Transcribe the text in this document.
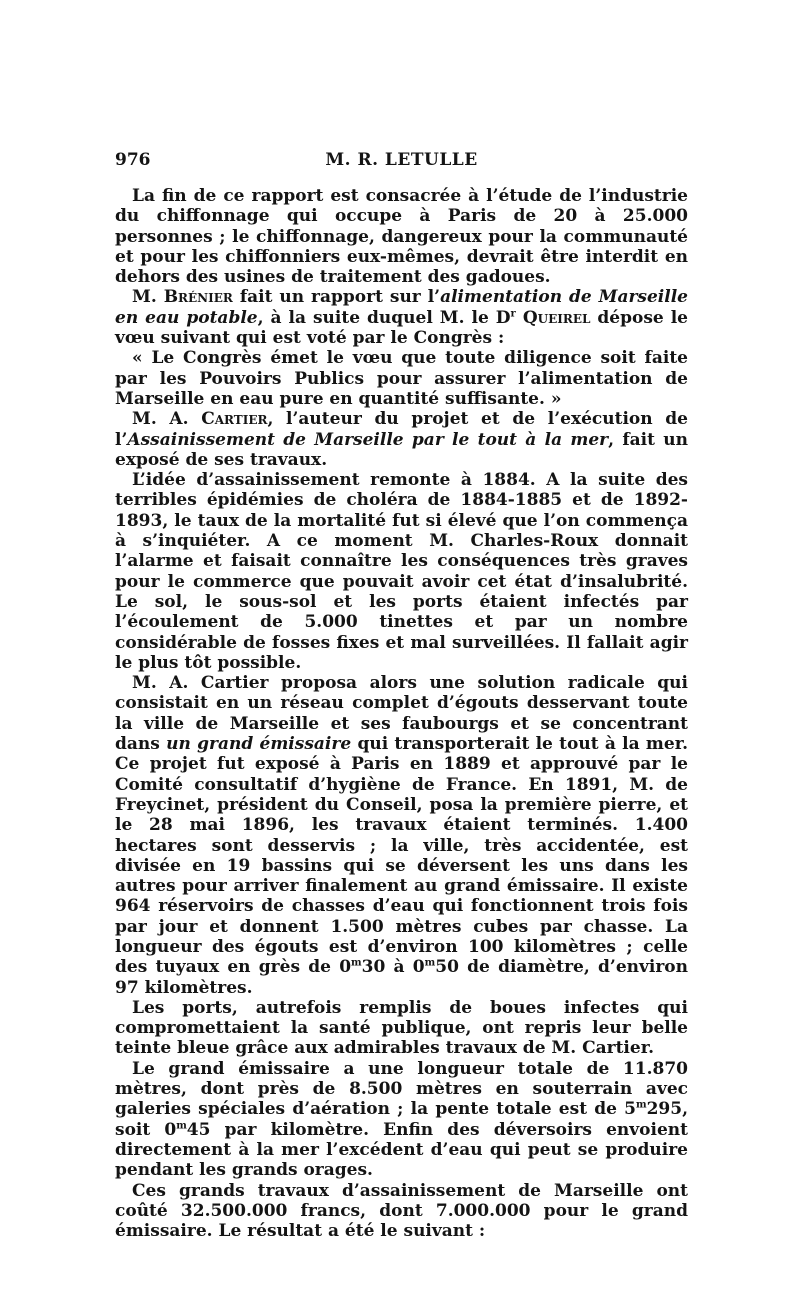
976	M. R. LETULLE

La fin de ce rapport est consacrée à l’étude de l’industrie du chiffonnage qui occupe à Paris de 20 à 25.000 personnes ; le chiffonnage, dangereux pour la communauté et pour les chiffonniers eux-mêmes, devrait être interdit en dehors des usines de traitement des gadoues.

M. Brénier fait un rapport sur l’alimentation de Marseille en eau potable, à la suite duquel M. le $D^r$ Queirel dépose le vœu suivant qui est voté par le Congrès :

« Le Congrès émet le vœu que toute diligence soit faite par les Pouvoirs Publics pour assurer l’alimentation de Marseille en eau pure en quantité suffisante. »

M. A. Cartier, l’auteur du projet et de l’exécution de l’Assainissement de Marseille par le tout à la mer, fait un exposé de ses travaux.

L’idée d’assainissement remonte à 1884. A la suite des terribles épidémies de choléra de 1884-1885 et de 1892-1893, le taux de la mortalité fut si élevé que l’on commença à s’inquiéter. A ce moment M. Charles-Roux donnait l’alarme et faisait connaître les conséquences très graves pour le commerce que pouvait avoir cet état d’insalubrité. Le sol, le sous-sol et les ports étaient infectés par l’écoulement de 5.000 tinettes et par un nombre considérable de fosses fixes et mal surveillées. Il fallait agir le plus tôt possible.

M. A. Cartier proposa alors une solution radicale qui consistait en un réseau complet d’égouts desservant toute la ville de Marseille et ses faubourgs et se concentrant dans un grand émissaire qui transporterait le tout à la mer. Ce projet fut exposé à Paris en 1889 et approuvé par le Comité consultatif d’hygiène de France. En 1891, M. de Freycinet, président du Conseil, posa la première pierre, et le 28 mai 1896, les travaux étaient terminés. 1.400 hectares sont desservis ; la ville, très accidentée, est divisée en 19 bassins qui se déversent les uns dans les autres pour arriver finalement au grand émissaire. Il existe 964 réservoirs de chasses d’eau qui fonctionnent trois fois par jour et donnent 1.500 mètres cubes par chasse. La longueur des égouts est d’environ 100 kilomètres ; celle des tuyaux en grès de 0$^m$30 à 0$^m$50 de diamètre, d’environ 97 kilomètres.

Les ports, autrefois remplis de boues infectes qui compromettaient la santé publique, ont repris leur belle teinte bleue grâce aux admirables travaux de M. Cartier.

Le grand émissaire a une longueur totale de 11.870 mètres, dont près de 8.500 mètres en souterrain avec galeries spéciales d’aération ; la pente totale est de 5$^m$295, soit 0$^m$45 par kilomètre. Enfin des déversoirs envoient directement à la mer l’excédent d’eau qui peut se produire pendant les grands orages.

Ces grands travaux d’assainissement de Marseille ont coûté 32.500.000 francs, dont 7.000.000 pour le grand émissaire. Le résultat a été le suivant :
